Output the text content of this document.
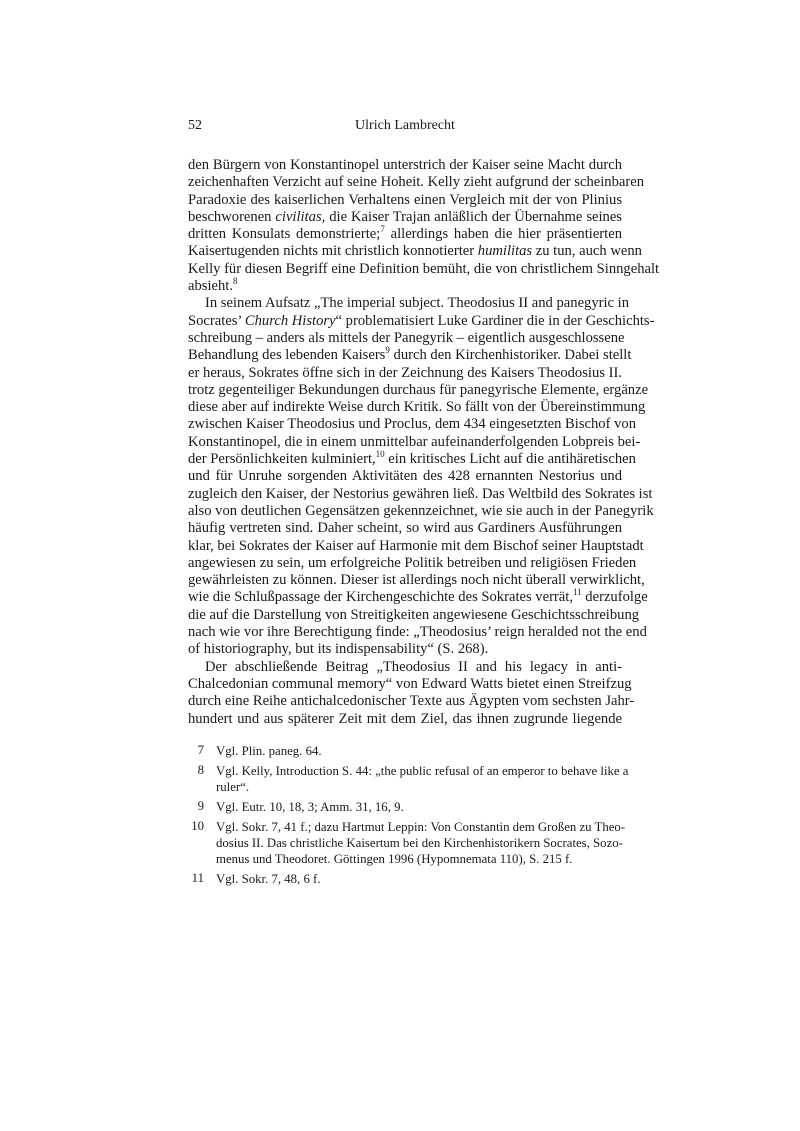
52	Ulrich Lambrecht
den Bürgern von Konstantinopel unterstrich der Kaiser seine Macht durch
zeichenhaften Verzicht auf seine Hoheit. Kelly zieht aufgrund der scheinbaren
Paradoxie des kaiserlichen Verhaltens einen Vergleich mit der von Plinius
beschworenen civilitas, die Kaiser Trajan anläßlich der Übernahme seines
dritten Konsulats demonstrierte;$^7$ allerdings haben die hier präsentierten
Kaisertugenden nichts mit christlich konnotierter humilitas zu tun, auch wenn
Kelly für diesen Begriff eine Definition bemüht, die von christlichem Sinngehalt
absieht.$^8$
In seinem Aufsatz „The imperial subject. Theodosius II and panegyric in
Socrates’ Church History“ problematisiert Luke Gardiner die in der Geschichts-
schreibung – anders als mittels der Panegyrik – eigentlich ausgeschlossene
Behandlung des lebenden Kaisers$^9$ durch den Kirchenhistoriker. Dabei stellt
er heraus, Sokrates öffne sich in der Zeichnung des Kaisers Theodosius II.
trotz gegenteiliger Bekundungen durchaus für panegyrische Elemente, ergänze
diese aber auf indirekte Weise durch Kritik. So fällt von der Übereinstimmung
zwischen Kaiser Theodosius und Proclus, dem 434 eingesetzten Bischof von
Konstantinopel, die in einem unmittelbar aufeinanderfolgenden Lobpreis bei-
der Persönlichkeiten kulminiert,$^{10}$ ein kritisches Licht auf die antihäretischen
und für Unruhe sorgenden Aktivitäten des 428 ernannten Nestorius und
zugleich den Kaiser, der Nestorius gewähren ließ. Das Weltbild des Sokrates ist
also von deutlichen Gegensätzen gekennzeichnet, wie sie auch in der Panegyrik
häufig vertreten sind. Daher scheint, so wird aus Gardiners Ausführungen
klar, bei Sokrates der Kaiser auf Harmonie mit dem Bischof seiner Hauptstadt
angewiesen zu sein, um erfolgreiche Politik betreiben und religiösen Frieden
gewährleisten zu können. Dieser ist allerdings noch nicht überall verwirklicht,
wie die Schlußpassage der Kirchengeschichte des Sokrates verrät,$^{11}$ derzufolge
die auf die Darstellung von Streitigkeiten angewiesene Geschichtsschreibung
nach wie vor ihre Berechtigung finde: „Theodosius’ reign heralded not the end
of historiography, but its indispensability“ (S. 268).
Der abschließende Beitrag „Theodosius II and his legacy in anti-
Chalcedonian communal memory“ von Edward Watts bietet einen Streifzug
durch eine Reihe antichalcedonischer Texte aus Ägypten vom sechsten Jahr-
hundert und aus späterer Zeit mit dem Ziel, das ihnen zugrunde liegende
7 Vgl. Plin. paneg. 64.
8 Vgl. Kelly, Introduction S. 44: „the public refusal of an emperor to behave like a
ruler“.
9 Vgl. Eutr. 10, 18, 3; Amm. 31, 16, 9.
10 Vgl. Sokr. 7, 41 f.; dazu Hartmut Leppin: Von Constantin dem Großen zu Theo-
dosius II. Das christliche Kaisertum bei den Kirchenhistorikern Socrates, Sozo-
menus und Theodoret. Göttingen 1996 (Hypomnemata 110), S. 215 f.
11 Vgl. Sokr. 7, 48, 6 f.
